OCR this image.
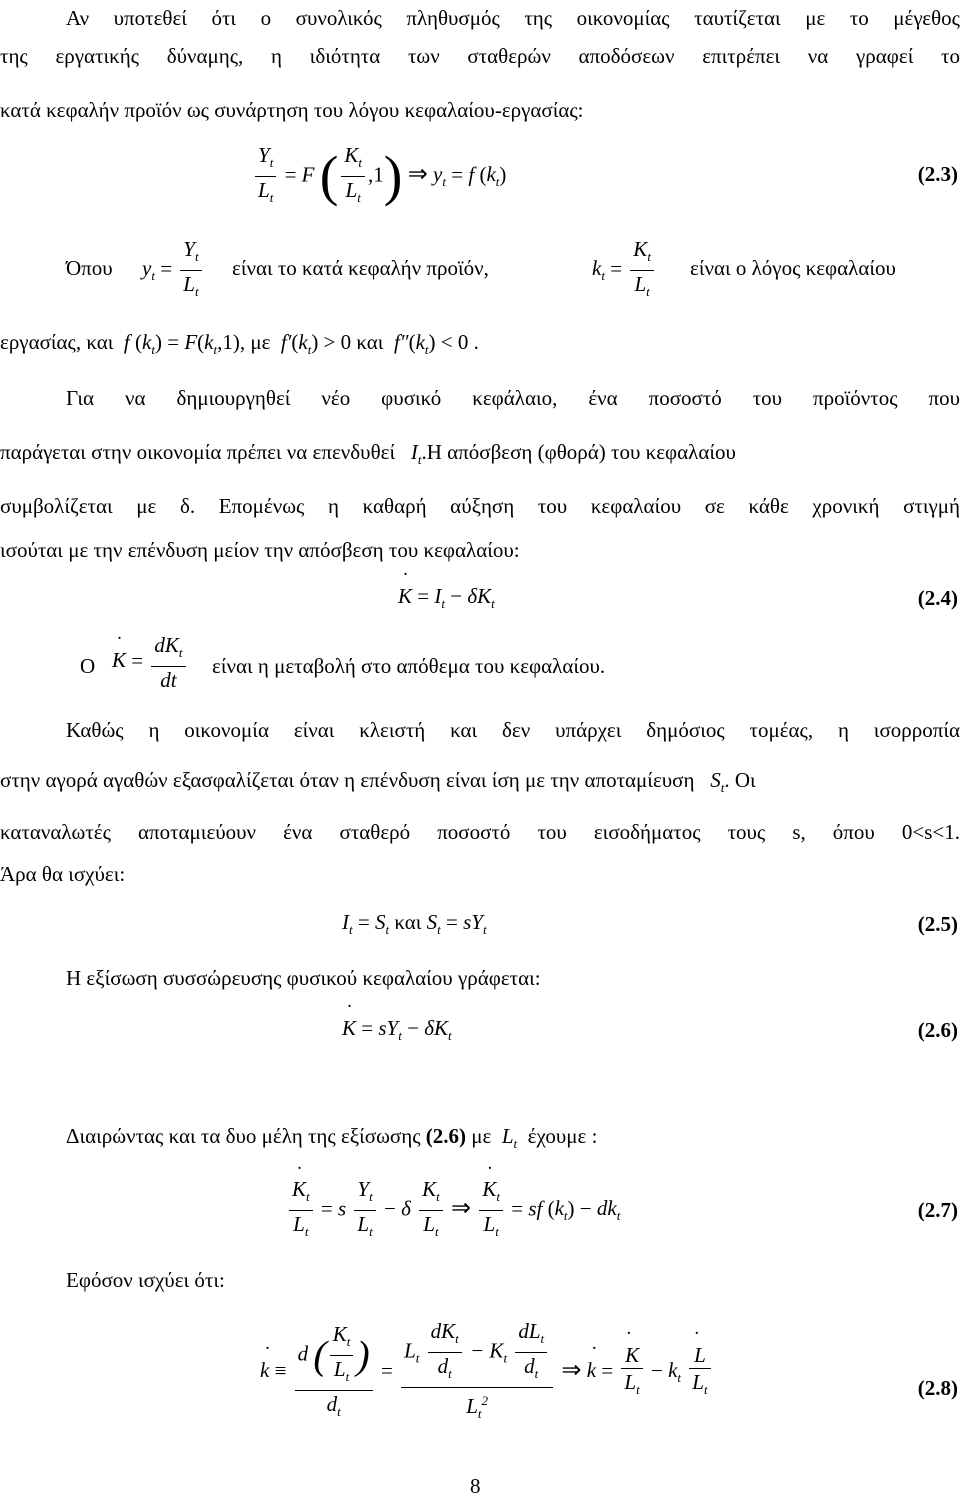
Αν υποτεθεί ότι ο συνολικός πληθυσμός της οικονομίας ταυτίζεται με το μέγεθος
της εργατικής δύναμης, η ιδιότητα των σταθερών αποδόσεων επιτρέπει να γραφεί το
κατά κεφαλήν προϊόν ως συνάρτηση του λόγου κεφαλαίου-εργασίας:
$\frac{Y_t}{L_t} = F$ ( $\frac{K_t}{L_t} ,1$) ⇒ $y_t = f$ $(k_t)$	(2.3)
Όπου $y_t = \frac{Y_t}{L_t}$ είναι το κατά κεφαλήν προϊόν,	$k_t = \frac{K_t}{L_t}$ είναι ο λόγος κεφαλαίου
εργασίας, και  f $(k_t) = F(k_t,1)$, με  $f'(k_t) > 0$ και  $f''(k_t) < 0$ .
Για να δημιουργηθεί νέο φυσικό κεφάλαιο, ένα ποσοστό του προϊόντος που
παράγεται στην οικονομία πρέπει να επενδυθεί $I_t.H$ απόσβεση (φθορά) του κεφαλαίου
συμβολίζεται με δ. Επομένως η καθαρή αύξηση του κεφαλαίου σε κάθε χρονική στιγμή
ισούται με την επένδυση μείον την απόσβεση του κεφαλαίου:
˙ $K = I_t - \delta K_t$	(2.4)
Ο ˙ $K = \frac{dK_t}{dt}$ είναι η μεταβολή στο απόθεμα του κεφαλαίου.
Καθώς η οικονομία είναι κλειστή και δεν υπάρχει δημόσιος τομέας, η ισορροπία
στην αγορά αγαθών εξασφαλίζεται όταν η επένδυση είναι ίση με την αποταμίευση $S_t$. Οι
καταναλωτές αποταμιεύουν ένα σταθερό ποσοστό του εισοδήματος τους s, όπου 0<s<1.
Άρα θα ισχύει:
$I_t = S_t$ και $S_t = sY_t$	(2.5)
Η εξίσωση συσσώρευσης φυσικού κεφαλαίου γράφεται:
˙ $K = sY_t - \delta K_t$	(2.6)
Διαιρώντας και τα δυο μέλη της εξίσωσης (2.6) με  $L_t$ έχουμε :
˙ $\frac{K_t}{L_t} = s \frac{Y_t}{L_t} - \delta \frac{K_t}{L_t}$ ⇒ ˙ $\frac{K_t}{L_t}$ = sf $(k_t) - dk_t$	(2.7)
Εφόσον ισχύει ότι:
˙ $k \equiv \frac{d ( \frac{K_t}{L_t} )}{d_t} = \frac{L_t \frac{dK_t}{d_t} - K_t \frac{dL_t}{d_t}}{L_t^2}$ ⇒ ˙ k = ˙ $\frac{K}{L_t} - k_t$ ˙ $\frac{L}{L_t}$	(2.8)
8
